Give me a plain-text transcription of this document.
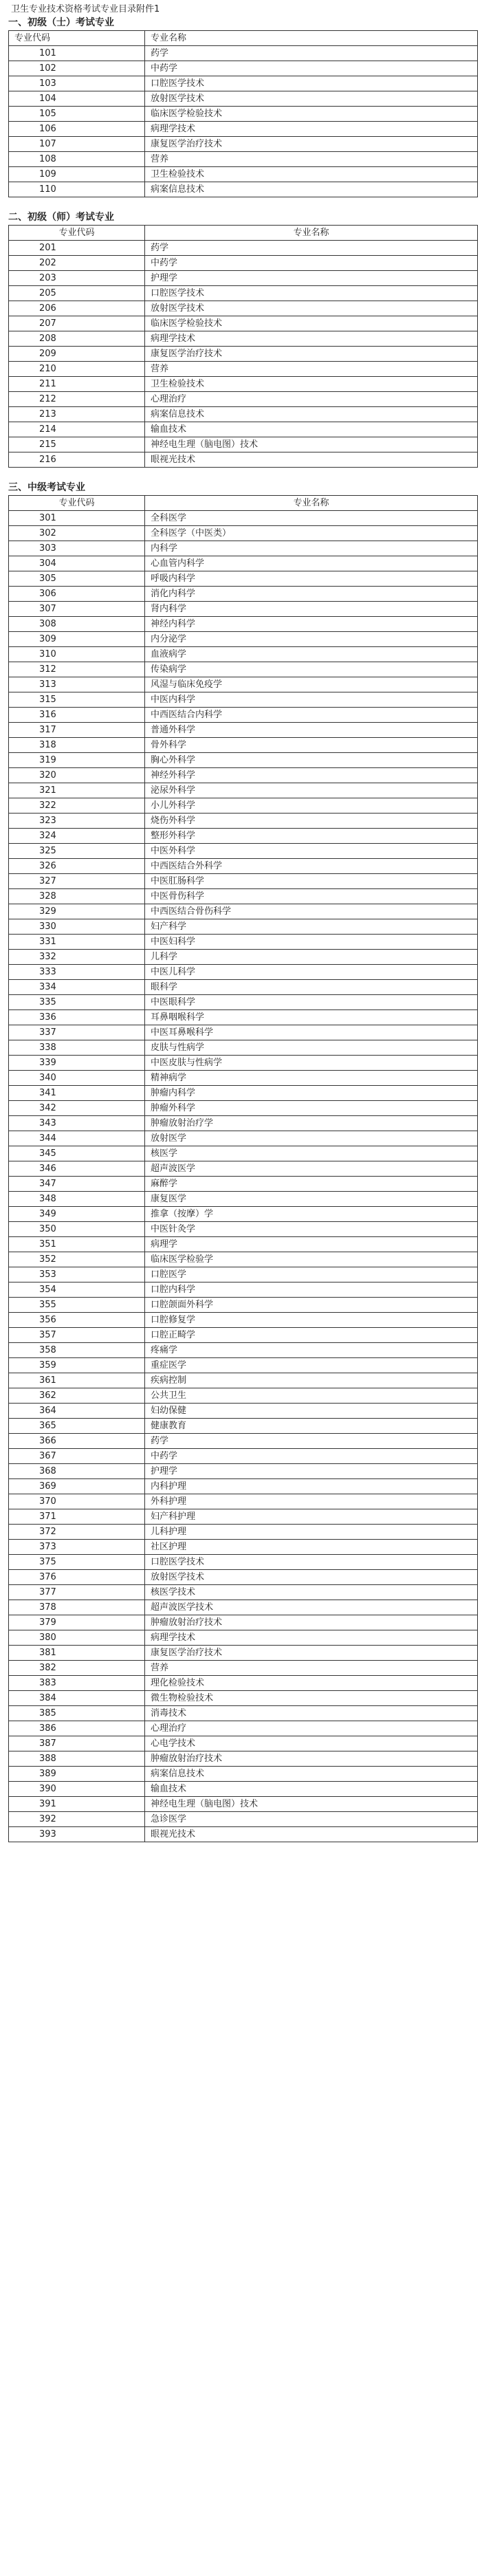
卫生专业技术资格考试专业目录附件1
一、初级（士）考试专业
专业代码	专业名称
101	药学
102	中药学
103	口腔医学技术
104	放射医学技术
105	临床医学检验技术
106	病理学技术
107	康复医学治疗技术
108	营养
109	卫生检验技术
110	病案信息技术
二、初级（师）考试专业
专业代码	专业名称
201	药学
202	中药学
203	护理学
205	口腔医学技术
206	放射医学技术
207	临床医学检验技术
208	病理学技术
209	康复医学治疗技术
210	营养
211	卫生检验技术
212	心理治疗
213	病案信息技术
214	输血技术
215	神经电生理（脑电图）技术
216	眼视光技术
三、中级考试专业
专业代码	专业名称
301	全科医学
302	全科医学（中医类）
303	内科学
304	心血管内科学
305	呼吸内科学
306	消化内科学
307	肾内科学
308	神经内科学
309	内分泌学
310	血液病学
312	传染病学
313	风湿与临床免疫学
315	中医内科学
316	中西医结合内科学
317	普通外科学
318	骨外科学
319	胸心外科学
320	神经外科学
321	泌尿外科学
322	小儿外科学
323	烧伤外科学
324	整形外科学
325	中医外科学
326	中西医结合外科学
327	中医肛肠科学
328	中医骨伤科学
329	中西医结合骨伤科学
330	妇产科学
331	中医妇科学
332	儿科学
333	中医儿科学
334	眼科学
335	中医眼科学
336	耳鼻咽喉科学
337	中医耳鼻喉科学
338	皮肤与性病学
339	中医皮肤与性病学
340	精神病学
341	肿瘤内科学
342	肿瘤外科学
343	肿瘤放射治疗学
344	放射医学
345	核医学
346	超声波医学
347	麻醉学
348	康复医学
349	推拿（按摩）学
350	中医针灸学
351	病理学
352	临床医学检验学
353	口腔医学
354	口腔内科学
355	口腔颌面外科学
356	口腔修复学
357	口腔正畸学
358	疼痛学
359	重症医学
361	疾病控制
362	公共卫生
364	妇幼保健
365	健康教育
366	药学
367	中药学
368	护理学
369	内科护理
370	外科护理
371	妇产科护理
372	儿科护理
373	社区护理
375	口腔医学技术
376	放射医学技术
377	核医学技术
378	超声波医学技术
379	肿瘤放射治疗技术
380	病理学技术
381	康复医学治疗技术
382	营养
383	理化检验技术
384	微生物检验技术
385	消毒技术
386	心理治疗
387	心电学技术
388	肿瘤放射治疗技术
389	病案信息技术
390	输血技术
391	神经电生理（脑电图）技术
392	急诊医学
393	眼视光技术
